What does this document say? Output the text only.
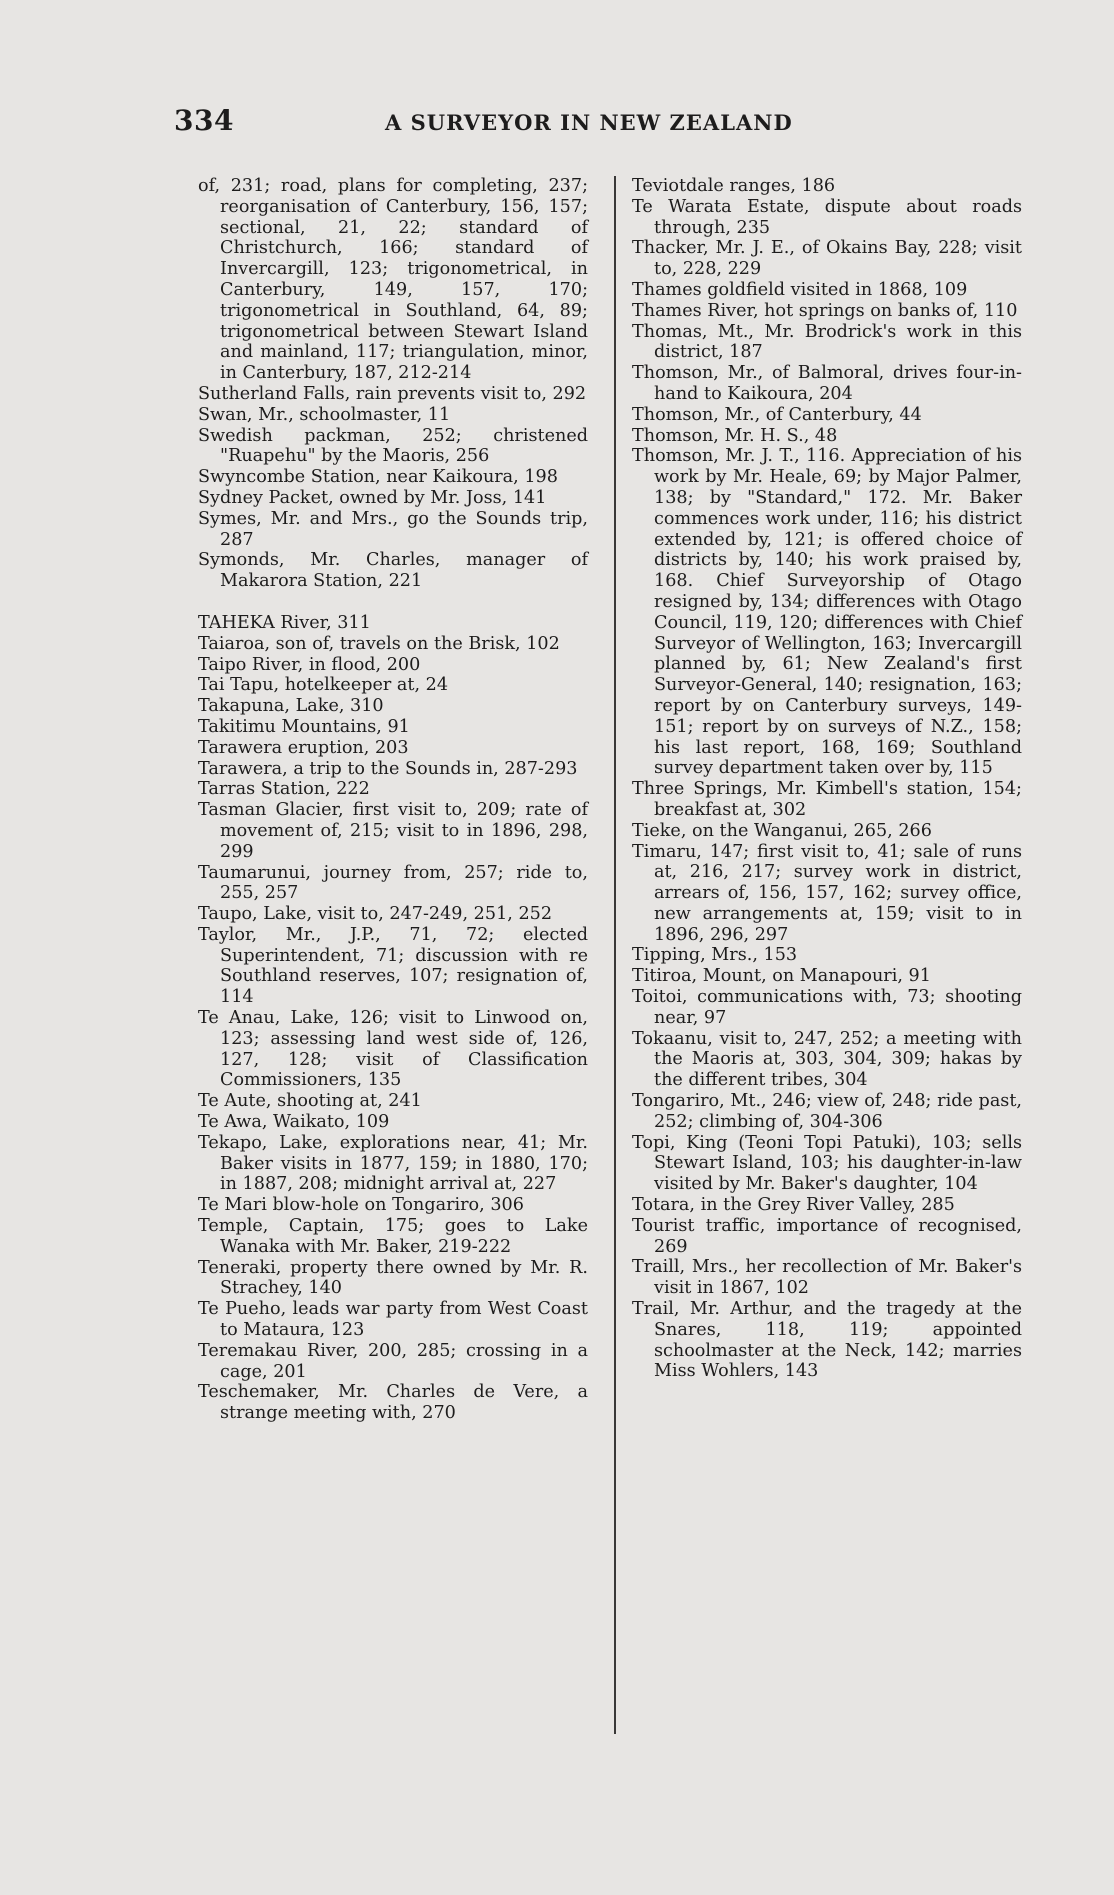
334	A SURVEYOR IN NEW ZEALAND

of, 231; road, plans for completing, 237; reorganisation of Canterbury, 156, 157; sectional, 21, 22; standard of Christchurch, 166; standard of Invercargill, 123; trigonometrical, in Canterbury, 149, 157, 170; trigonometrical in Southland, 64, 89; trigonometrical between Stewart Island and mainland, 117; triangulation, minor, in Canterbury, 187, 212-214

Sutherland Falls, rain prevents visit to, 292

Swan, Mr., schoolmaster, 11

Swedish packman, 252; christened "Ruapehu" by the Maoris, 256

Swyncombe Station, near Kaikoura, 198

Sydney Packet, owned by Mr. Joss, 141

Symes, Mr. and Mrs., go the Sounds trip, 287

Symonds, Mr. Charles, manager of Makarora Station, 221

TAHEKA River, 311

Taiaroa, son of, travels on the Brisk, 102

Taipo River, in flood, 200

Tai Tapu, hotelkeeper at, 24

Takapuna, Lake, 310

Takitimu Mountains, 91

Tarawera eruption, 203

Tarawera, a trip to the Sounds in, 287-293

Tarras Station, 222

Tasman Glacier, first visit to, 209; rate of movement of, 215; visit to in 1896, 298, 299

Taumarunui, journey from, 257; ride to, 255, 257

Taupo, Lake, visit to, 247-249, 251, 252

Taylor, Mr., J.P., 71, 72; elected Superintendent, 71; discussion with re Southland reserves, 107; resignation of, 114

Te Anau, Lake, 126; visit to Linwood on, 123; assessing land west side of, 126, 127, 128; visit of Classification Commissioners, 135

Te Aute, shooting at, 241

Te Awa, Waikato, 109

Tekapo, Lake, explorations near, 41; Mr. Baker visits in 1877, 159; in 1880, 170; in 1887, 208; midnight arrival at, 227

Te Mari blow-hole on Tongariro, 306

Temple, Captain, 175; goes to Lake Wanaka with Mr. Baker, 219-222

Teneraki, property there owned by Mr. R. Strachey, 140

Te Pueho, leads war party from West Coast to Mataura, 123

Teremakau River, 200, 285; crossing in a cage, 201

Teschemaker, Mr. Charles de Vere, a strange meeting with, 270

Teviotdale ranges, 186

Te Warata Estate, dispute about roads through, 235

Thacker, Mr. J. E., of Okains Bay, 228; visit to, 228, 229

Thames goldfield visited in 1868, 109

Thames River, hot springs on banks of, 110

Thomas, Mt., Mr. Brodrick's work in this district, 187

Thomson, Mr., of Balmoral, drives four-in-hand to Kaikoura, 204

Thomson, Mr., of Canterbury, 44

Thomson, Mr. H. S., 48

Thomson, Mr. J. T., 116. Appreciation of his work by Mr. Heale, 69; by Major Palmer, 138; by "Standard," 172. Mr. Baker commences work under, 116; his district extended by, 121; is offered choice of districts by, 140; his work praised by, 168. Chief Surveyorship of Otago resigned by, 134; differences with Otago Council, 119, 120; differences with Chief Surveyor of Wellington, 163; Invercargill planned by, 61; New Zealand's first Surveyor-General, 140; resignation, 163; report by on Canterbury surveys, 149-151; report by on surveys of N.Z., 158; his last report, 168, 169; Southland survey department taken over by, 115

Three Springs, Mr. Kimbell's station, 154; breakfast at, 302

Tieke, on the Wanganui, 265, 266

Timaru, 147; first visit to, 41; sale of runs at, 216, 217; survey work in district, arrears of, 156, 157, 162; survey office, new arrangements at, 159; visit to in 1896, 296, 297

Tipping, Mrs., 153

Titiroa, Mount, on Manapouri, 91

Toitoi, communications with, 73; shooting near, 97

Tokaanu, visit to, 247, 252; a meeting with the Maoris at, 303, 304, 309; hakas by the different tribes, 304

Tongariro, Mt., 246; view of, 248; ride past, 252; climbing of, 304-306

Topi, King (Teoni Topi Patuki), 103; sells Stewart Island, 103; his daughter-in-law visited by Mr. Baker's daughter, 104

Totara, in the Grey River Valley, 285

Tourist traffic, importance of recognised, 269

Traill, Mrs., her recollection of Mr. Baker's visit in 1867, 102

Trail, Mr. Arthur, and the tragedy at the Snares, 118, 119; appointed schoolmaster at the Neck, 142; marries Miss Wohlers, 143
